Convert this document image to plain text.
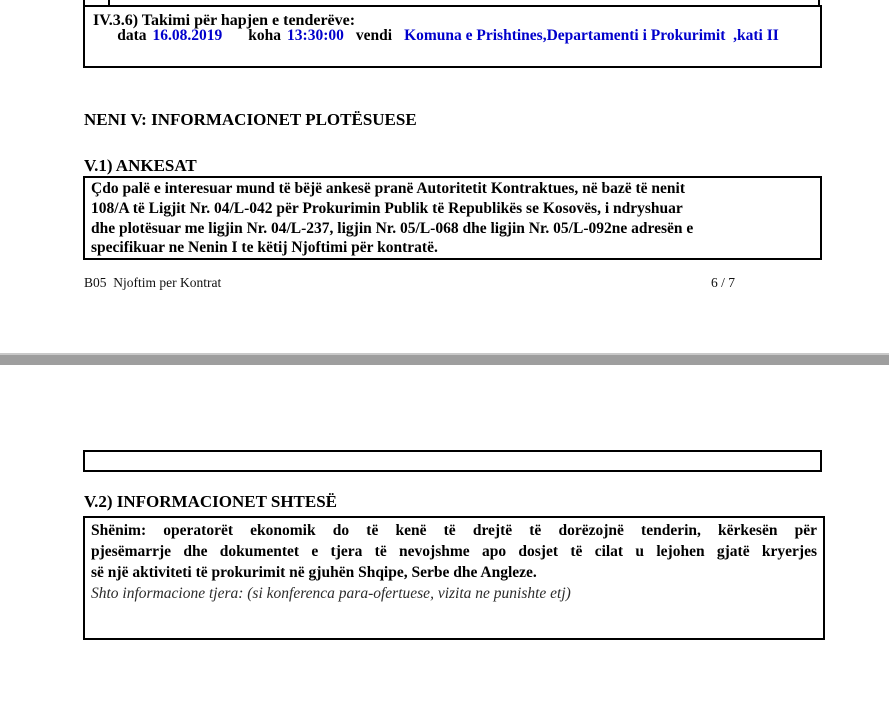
IV.3.6) Takimi për hapjen e tenderëve:

data 16.08.2019 koha 13:30:00 vendi Komuna e Prishtines,Departamenti i Prokurimit  ,kati II

NENI V: INFORMACIONET PLOTËSUESE
V.1) ANKESAT
Çdo palë e interesuar mund të bëjë ankesë pranë Autoritetit Kontraktues, në bazë të nenit
108/A të Ligjit Nr. 04/L-042 për Prokurimin Publik të Republikës se Kosovës, i ndryshuar
dhe plotësuar me ligjin Nr. 04/L-237, ligjin Nr. 05/L-068 dhe ligjin Nr. 05/L-092ne adresën e
specifikuar ne Nenin I te këtij Njoftimi për kontratë.
B05  Njoftim per Kontrat	6 / 7
V.2) INFORMACIONET SHTESË
Shënim: operatorët ekonomik do të kenë të drejtë të dorëzojnë tenderin, kërkesën për
pjesëmarrje dhe dokumentet e tjera të nevojshme apo dosjet të cilat u lejohen gjatë kryerjes
së një aktiviteti të prokurimit në gjuhën Shqipe, Serbe dhe Angleze.
Shto informacione tjera: (si konferenca para-ofertuese, vizita ne punishte etj)
